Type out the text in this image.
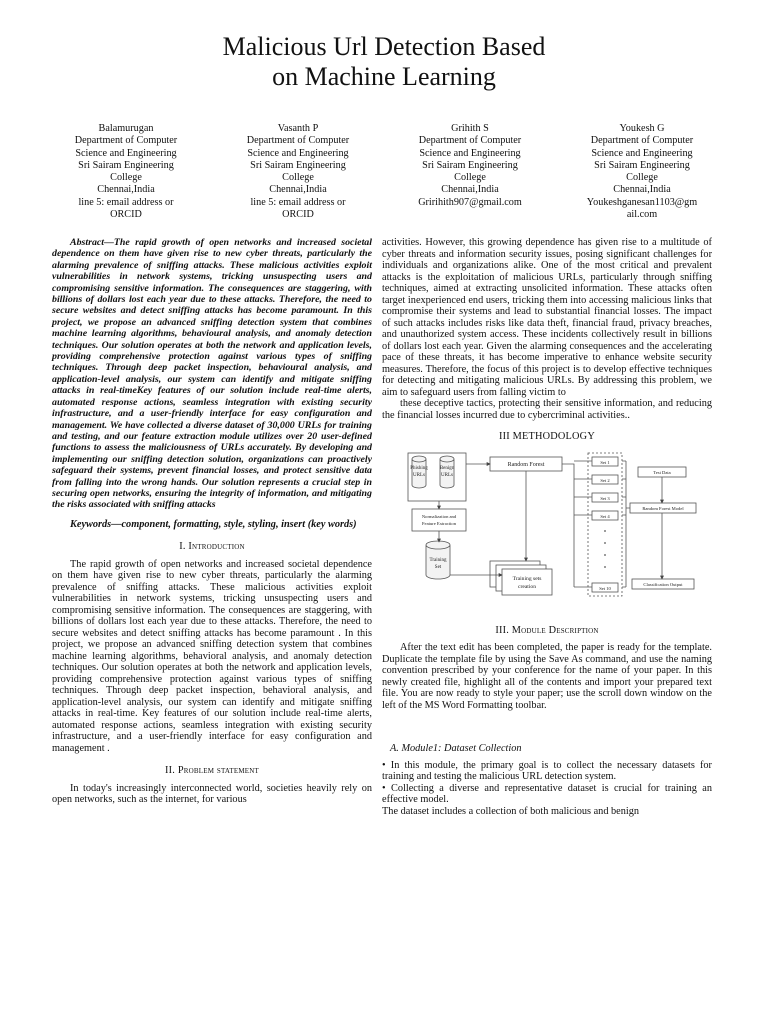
Malicious Url Detection Based
on Machine Learning
Balamurugan
Department of Computer
Science and Engineering
Sri Sairam Engineering
College
Chennai,India
line 5: email address or
ORCID
Vasanth P
Department of Computer
Science and Engineering
Sri Sairam Engineering
College
Chennai,India
line 5: email address or
ORCID
Grihith S
Department of Computer
Science and Engineering
Sri Sairam Engineering
College
Chennai,India
Gririhith907@gmail.com
Youkesh G
Department of Computer
Science and Engineering
Sri Sairam Engineering
College
Chennai,India
Youkeshganesan1103@gm
ail.com

Abstract—The rapid growth of open networks and increased societal dependence on them have given rise to new cyber threats, particularly the alarming prevalence of sniffing attacks. These malicious activities exploit vulnerabilities in network systems, tricking unsuspecting users and compromising sensitive information. The consequences are staggering, with billions of dollars lost each year due to these attacks. Therefore, the need to secure websites and detect sniffing attacks has become paramount. In this project, we propose an advanced sniffing detection system that combines machine learning algorithms, behavioural analysis, and anomaly detection techniques. Our solution operates at both the network and application levels, providing comprehensive protection against various types of sniffing techniques. Through deep packet inspection, behavioural analysis, and application-level analysis, our system can identify and mitigate sniffing attacks in real-timeKey features of our solution include real-time alerts, automated response actions, seamless integration with existing security infrastructure, and a user-friendly interface for easy configuration and management. We have collected a diverse dataset of 30,000 URLs for training and testing, and our feature extraction module utilizes over 20 user-defined functions to assess the maliciousness of URLs accurately. By developing and implementing our sniffing detection solution, organizations can proactively safeguard their systems, prevent financial losses, and protect sensitive data from falling into the wrong hands. Our solution represents a crucial step in securing open networks, ensuring the integrity of information, and mitigating the risks associated with sniffing attacks

Keywords—component, formatting, style, styling, insert (key words)

I. Introduction

The rapid growth of open networks and increased societal dependence on them have given rise to new cyber threats, particularly the alarming prevalence of sniffing attacks. These malicious activities exploit vulnerabilities in network systems, tricking unsuspecting users and compromising sensitive information. The consequences are staggering, with billions of dollars lost each year due to these attacks. Therefore, the need to secure websites and detect sniffing attacks has become paramount . In this project, we propose an advanced sniffing detection system that combines machine learning algorithms, behavioral analysis, and anomaly detection techniques. Our solution operates at both the network and application levels, providing comprehensive protection against various types of sniffing techniques. Through deep packet inspection, behavioral analysis, and application-level analysis, our system can identify and mitigate sniffing attacks in real-time. Key features of our solution include real-time alerts, automated response actions, seamless integration with existing security infrastructure, and a user-friendly interface for easy configuration and management .

II. Problem statement

In today's increasingly interconnected world, societies heavily rely on open networks, such as the internet, for various

activities. However, this growing dependence has given rise to a multitude of cyber threats and information security issues, posing significant challenges for individuals and organizations alike. One of the most critical and prevalent attacks is the exploitation of malicious URLs, particularly through sniffing techniques, aimed at extracting unsolicited information. These attacks often target inexperienced end users, tricking them into accessing malicious links that compromise their systems and lead to substantial financial losses. The impact of such attacks includes risks like data theft, financial fraud, privacy breaches, and unauthorized system access. These incidents collectively result in billions of dollars lost each year. Given the alarming consequences and the accelerating pace of these threats, it has become imperative to enhance website security measures. Therefore, the focus of this project is to develop effective techniques for detecting and mitigating malicious URLs. By addressing this problem, we aim to safeguard users from falling victim to

these deceptive tactics, protecting their sensitive information, and reducing the financial losses incurred due to cybercriminal activities..

III METHODOLOGY
Phishing
URLs
Benign
URLs
Random Forest
Normalization and
Feature Extraction
Training
Set
Training sets
creation
Set 1
Set 2
Set 3
Set 4
Set 10
Test Data
Random Forest Model
Classification Output
III. Module Description

After the text edit has been completed, the paper is ready for the template. Duplicate the template file by using the Save As command, and use the naming convention prescribed by your conference for the name of your paper. In this newly created file, highlight all of the contents and import your prepared text file. You are now ready to style your paper; use the scroll down window on the left of the MS Word Formatting toolbar.

A. Module1: Dataset Collection

• In this module, the primary goal is to collect the necessary datasets for training and testing the malicious URL detection system.

• Collecting a diverse and representative dataset is crucial for training an effective model.

The dataset includes a collection of both malicious and benign
